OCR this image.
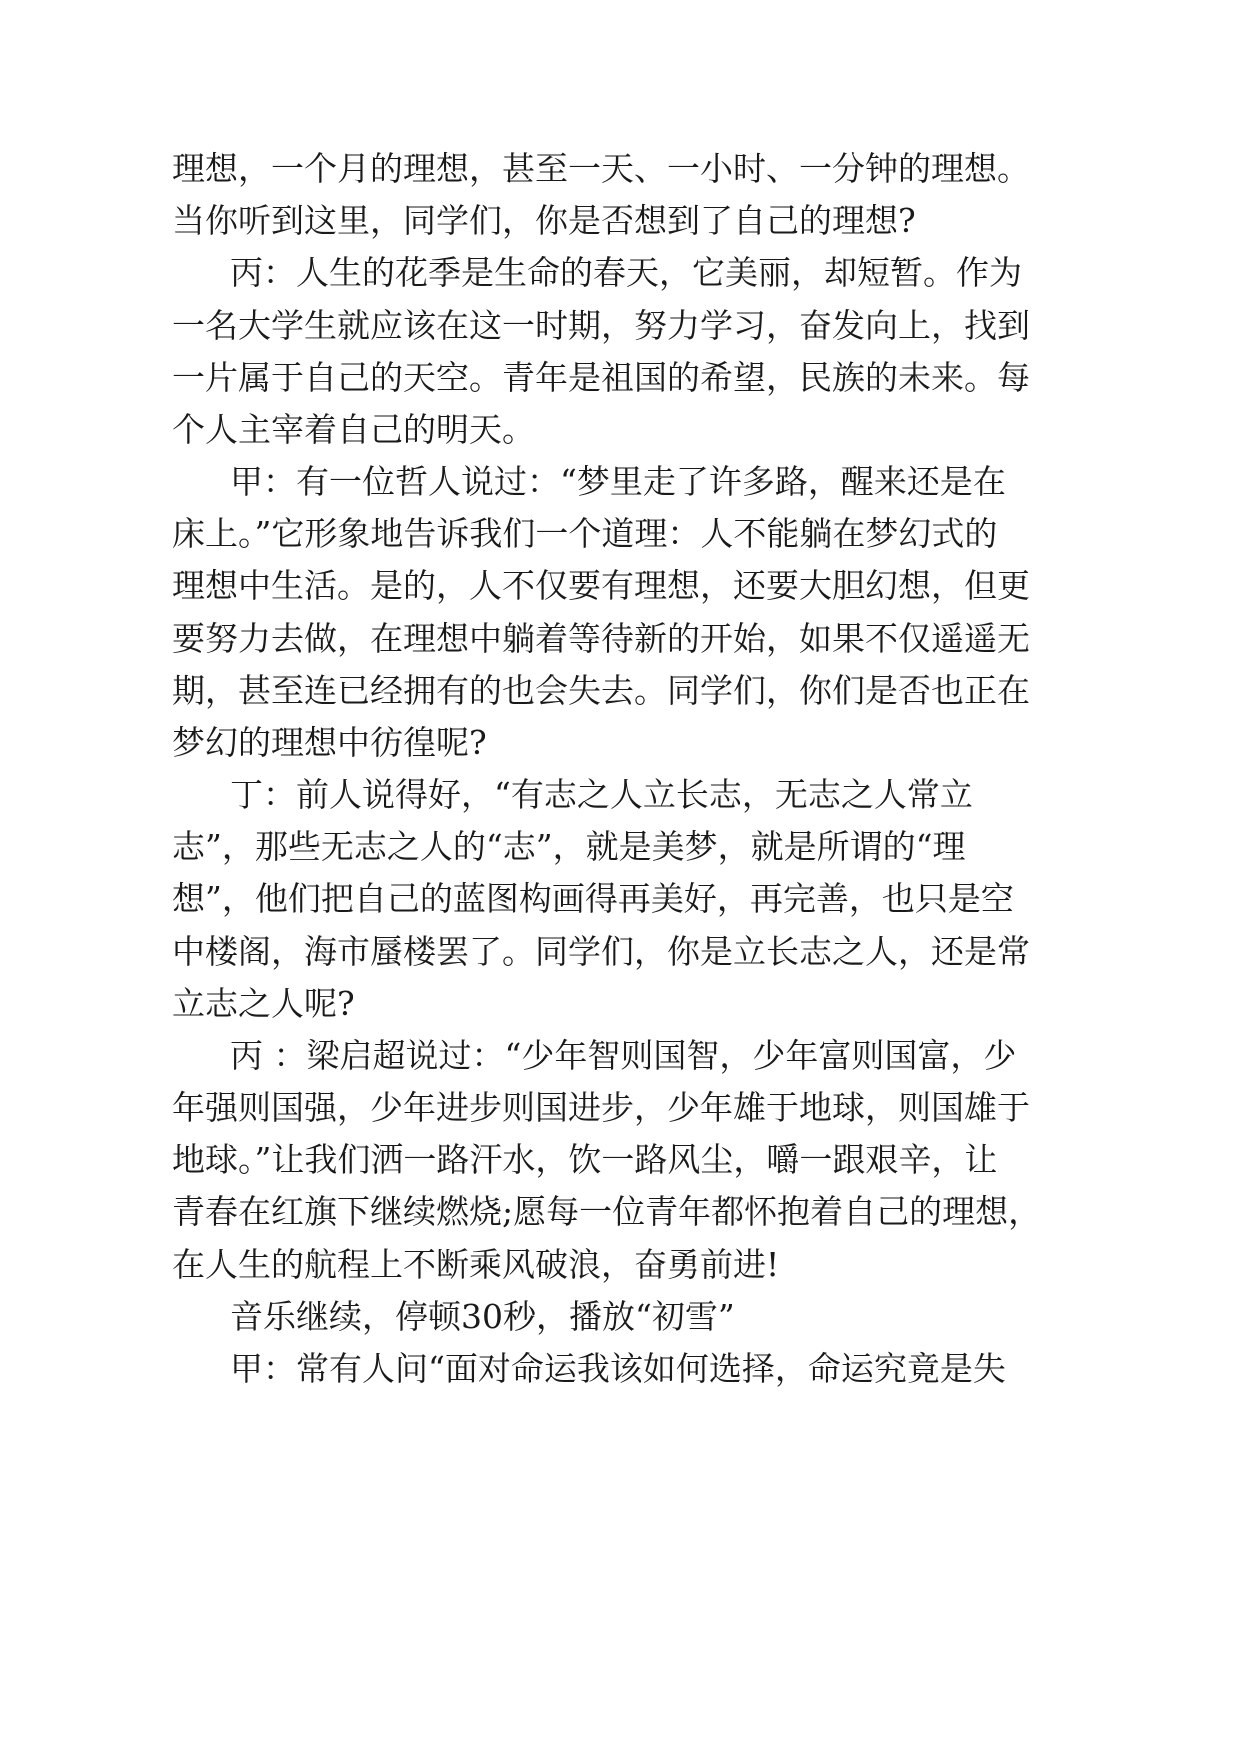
理想，一个月的理想，甚至一天、一小时、一分钟的理想。
当你听到这里，同学们，你是否想到了自己的理想?
丙：人生的花季是生命的春天，它美丽，却短暂。作为
一名大学生就应该在这一时期，努力学习，奋发向上，找到
一片属于自己的天空。青年是祖国的希望，民族的未来。每
个人主宰着自己的明天。
甲：有一位哲人说过：“梦里走了许多路，醒来还是在
床上。”它形象地告诉我们一个道理：人不能躺在梦幻式的
理想中生活。是的，人不仅要有理想，还要大胆幻想，但更
要努力去做，在理想中躺着等待新的开始，如果不仅遥遥无
期，甚至连已经拥有的也会失去。同学们，你们是否也正在
梦幻的理想中彷徨呢?
丁：前人说得好，“有志之人立长志，无志之人常立
志”，那些无志之人的“志”，就是美梦，就是所谓的“理
想”，他们把自己的蓝图构画得再美好，再完善，也只是空
中楼阁，海市蜃楼罢了。同学们，你是立长志之人，还是常
立志之人呢?
丙 ：梁启超说过：“少年智则国智，少年富则国富，少
年强则国强，少年进步则国进步，少年雄于地球，则国雄于
地球。”让我们洒一路汗水，饮一路风尘，嚼一跟艰辛，让
青春在红旗下继续燃烧;愿每一位青年都怀抱着自己的理想，
在人生的航程上不断乘风破浪，奋勇前进!
音乐继续，停顿30秒，播放“初雪”
甲：常有人问“面对命运我该如何选择，命运究竟是失
